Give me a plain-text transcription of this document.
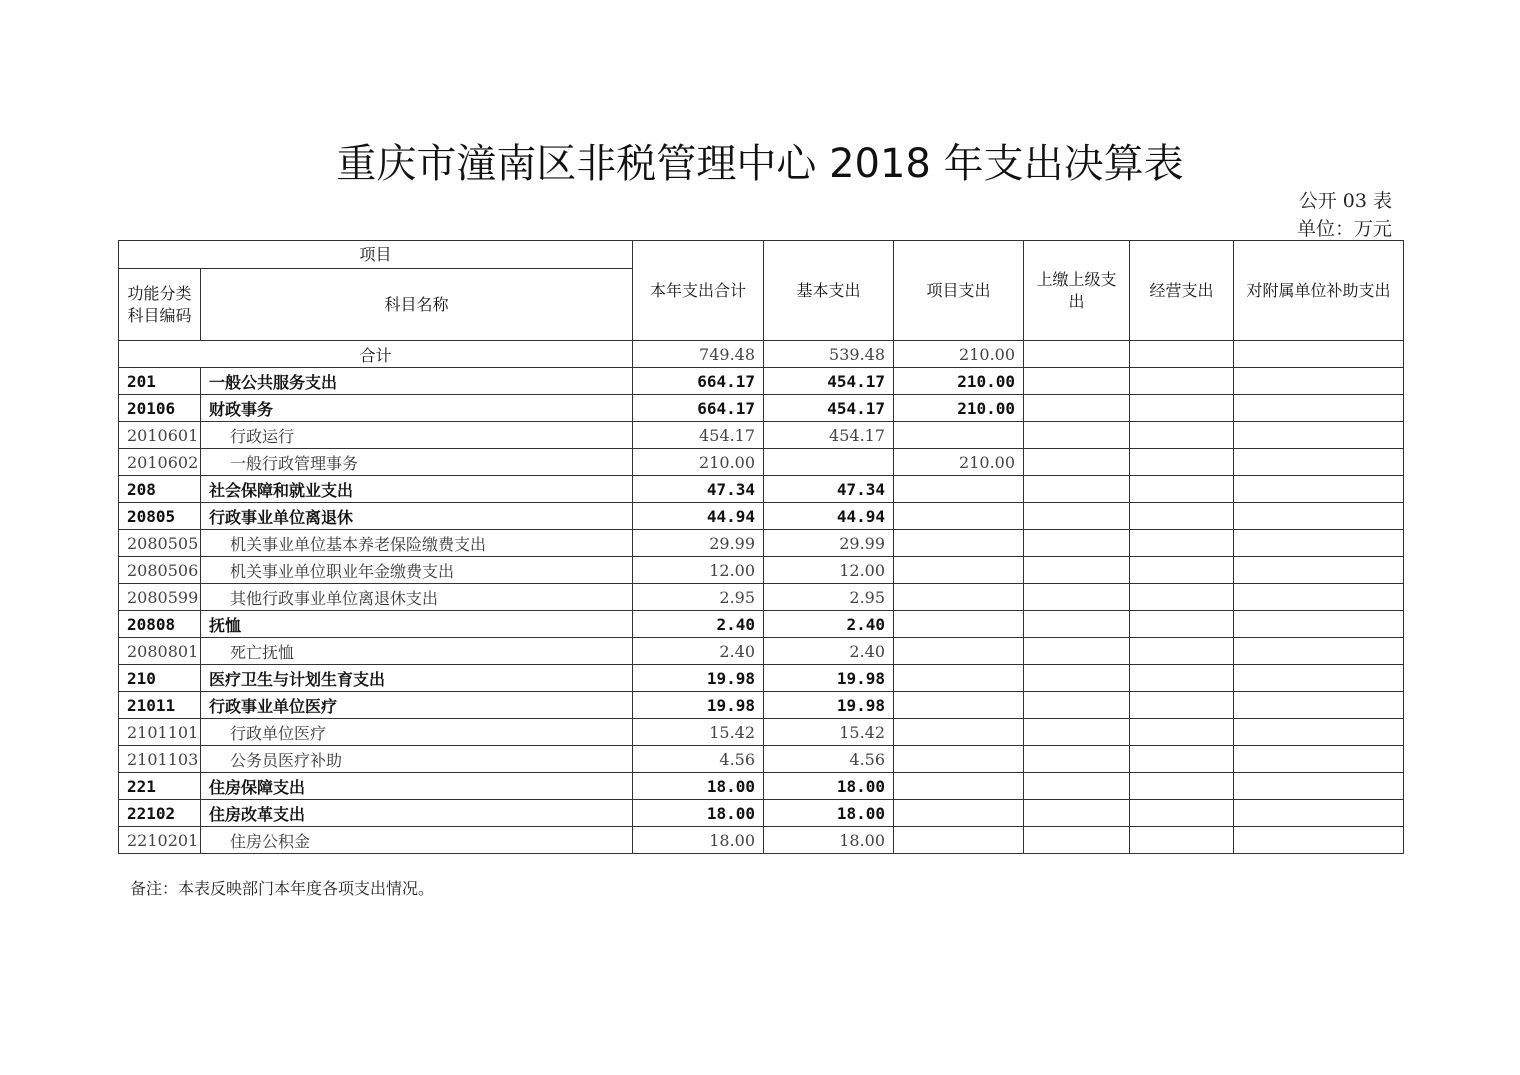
重庆市潼南区非税管理中心 2018 年支出决算表
公开 03 表
单位：万元
项目		本年支出合计	基本支出	项目支出	上缴上级支出	经营支出	对附属单位补助支出
功能分类科目编码	科目名称						
合计		749.48	539.48	210.00			
201	一般公共服务支出	664.17	454.17	210.00			
20106	财政事务	664.17	454.17	210.00			
2010601	行政运行	454.17	454.17				
2010602	一般行政管理事务	210.00		210.00			
208	社会保障和就业支出	47.34	47.34				
20805	行政事业单位离退休	44.94	44.94				
2080505	机关事业单位基本养老保险缴费支出	29.99	29.99				
2080506	机关事业单位职业年金缴费支出	12.00	12.00				
2080599	其他行政事业单位离退休支出	2.95	2.95				
20808	抚恤	2.40	2.40				
2080801	死亡抚恤	2.40	2.40				
210	医疗卫生与计划生育支出	19.98	19.98				
21011	行政事业单位医疗	19.98	19.98				
2101101	行政单位医疗	15.42	15.42				
2101103	公务员医疗补助	4.56	4.56				
221	住房保障支出	18.00	18.00				
22102	住房改革支出	18.00	18.00				
2210201	住房公积金	18.00	18.00				
备注：本表反映部门本年度各项支出情况。
